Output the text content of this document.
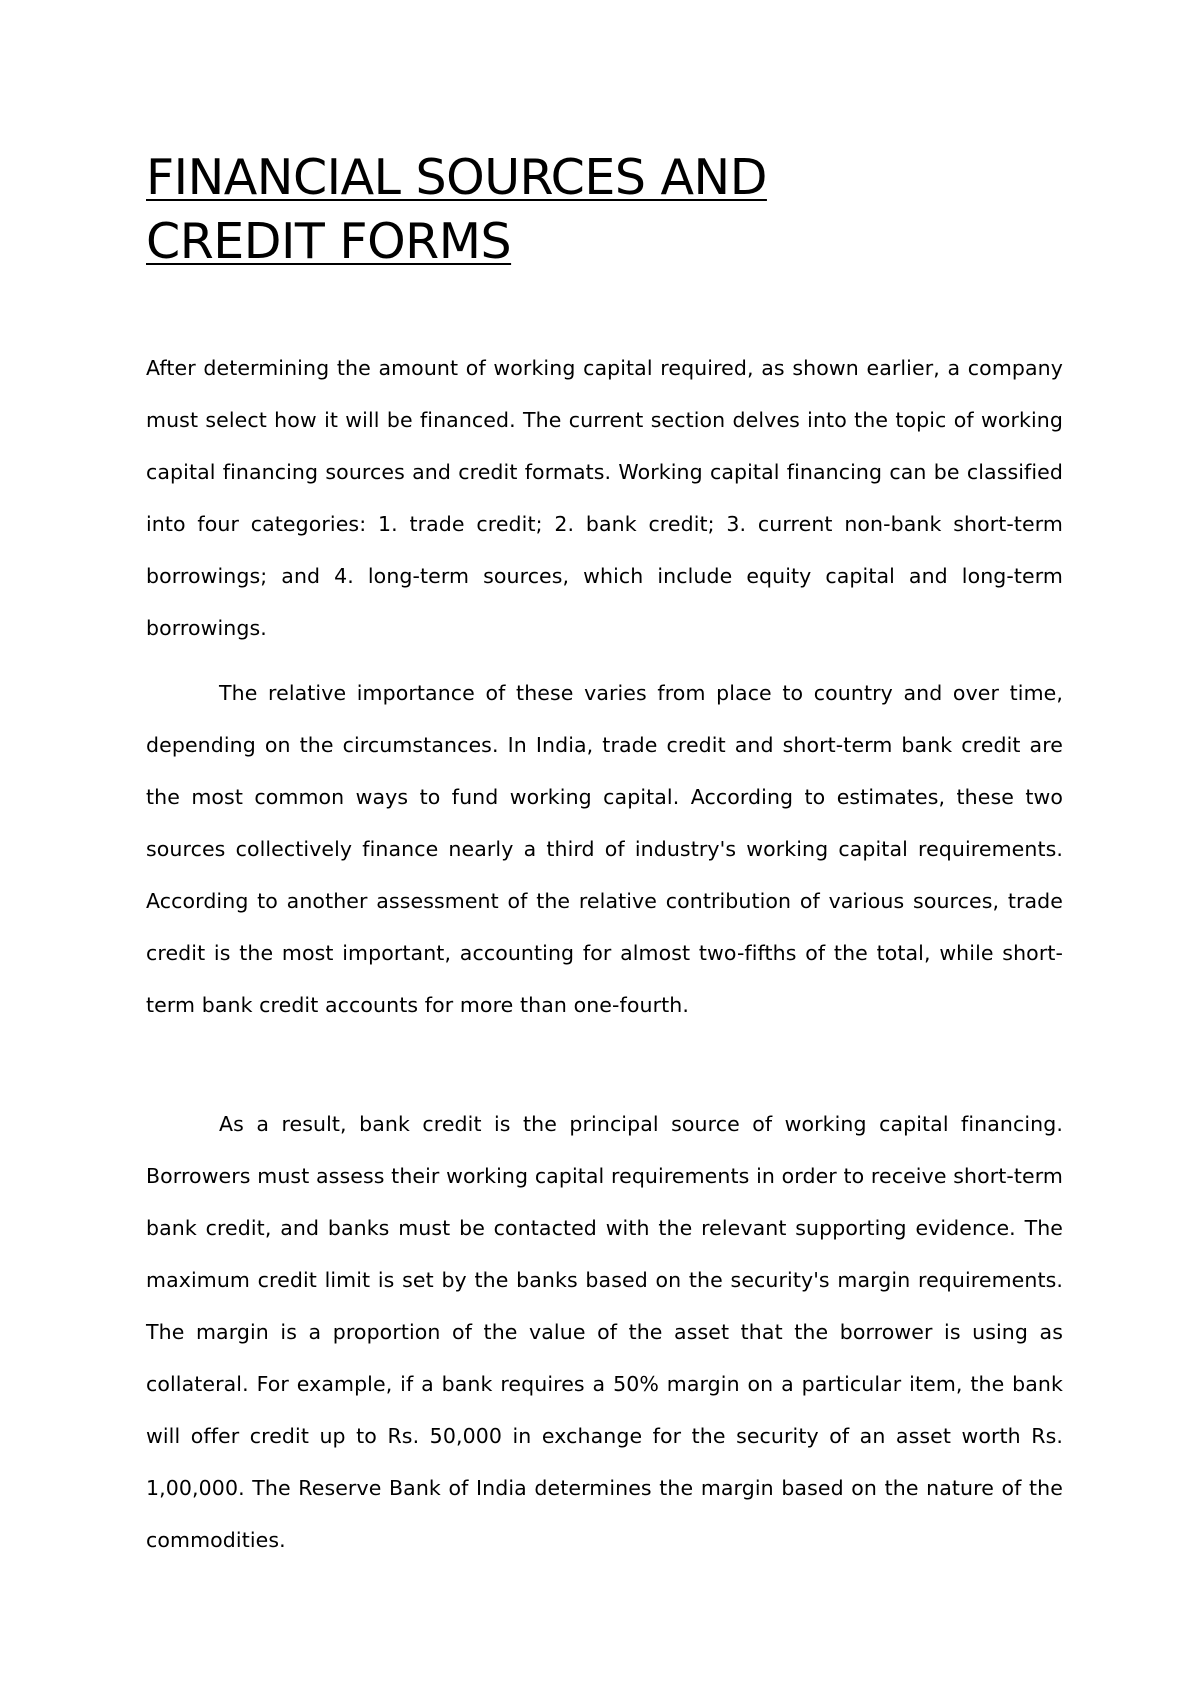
FINANCIAL SOURCES AND
CREDIT FORMS

After determining the amount of working capital required, as shown earlier, a company must select how it will be financed. The current section delves into the topic of working capital financing sources and credit formats. Working capital financing can be classified into four categories: 1. trade credit; 2. bank credit; 3. current non-bank short-term borrowings; and 4. long-term sources, which include equity capital and long-term borrowings.

The relative importance of these varies from place to country and over time, depending on the circumstances. In India, trade credit and short-term bank credit are the most common ways to fund working capital. According to estimates, these two sources collectively finance nearly a third of industry's working capital requirements. According to another assessment of the relative contribution of various sources, trade credit is the most important, accounting for almost two-fifths of the total, while short-term bank credit accounts for more than one-fourth.

As a result, bank credit is the principal source of working capital financing. Borrowers must assess their working capital requirements in order to receive short-term bank credit, and banks must be contacted with the relevant supporting evidence. The maximum credit limit is set by the banks based on the security's margin requirements. The margin is a proportion of the value of the asset that the borrower is using as collateral. For example, if a bank requires a 50% margin on a particular item, the bank will offer credit up to Rs. 50,000 in exchange for the security of an asset worth Rs. 1,00,000. The Reserve Bank of India determines the margin based on the nature of the commodities.
